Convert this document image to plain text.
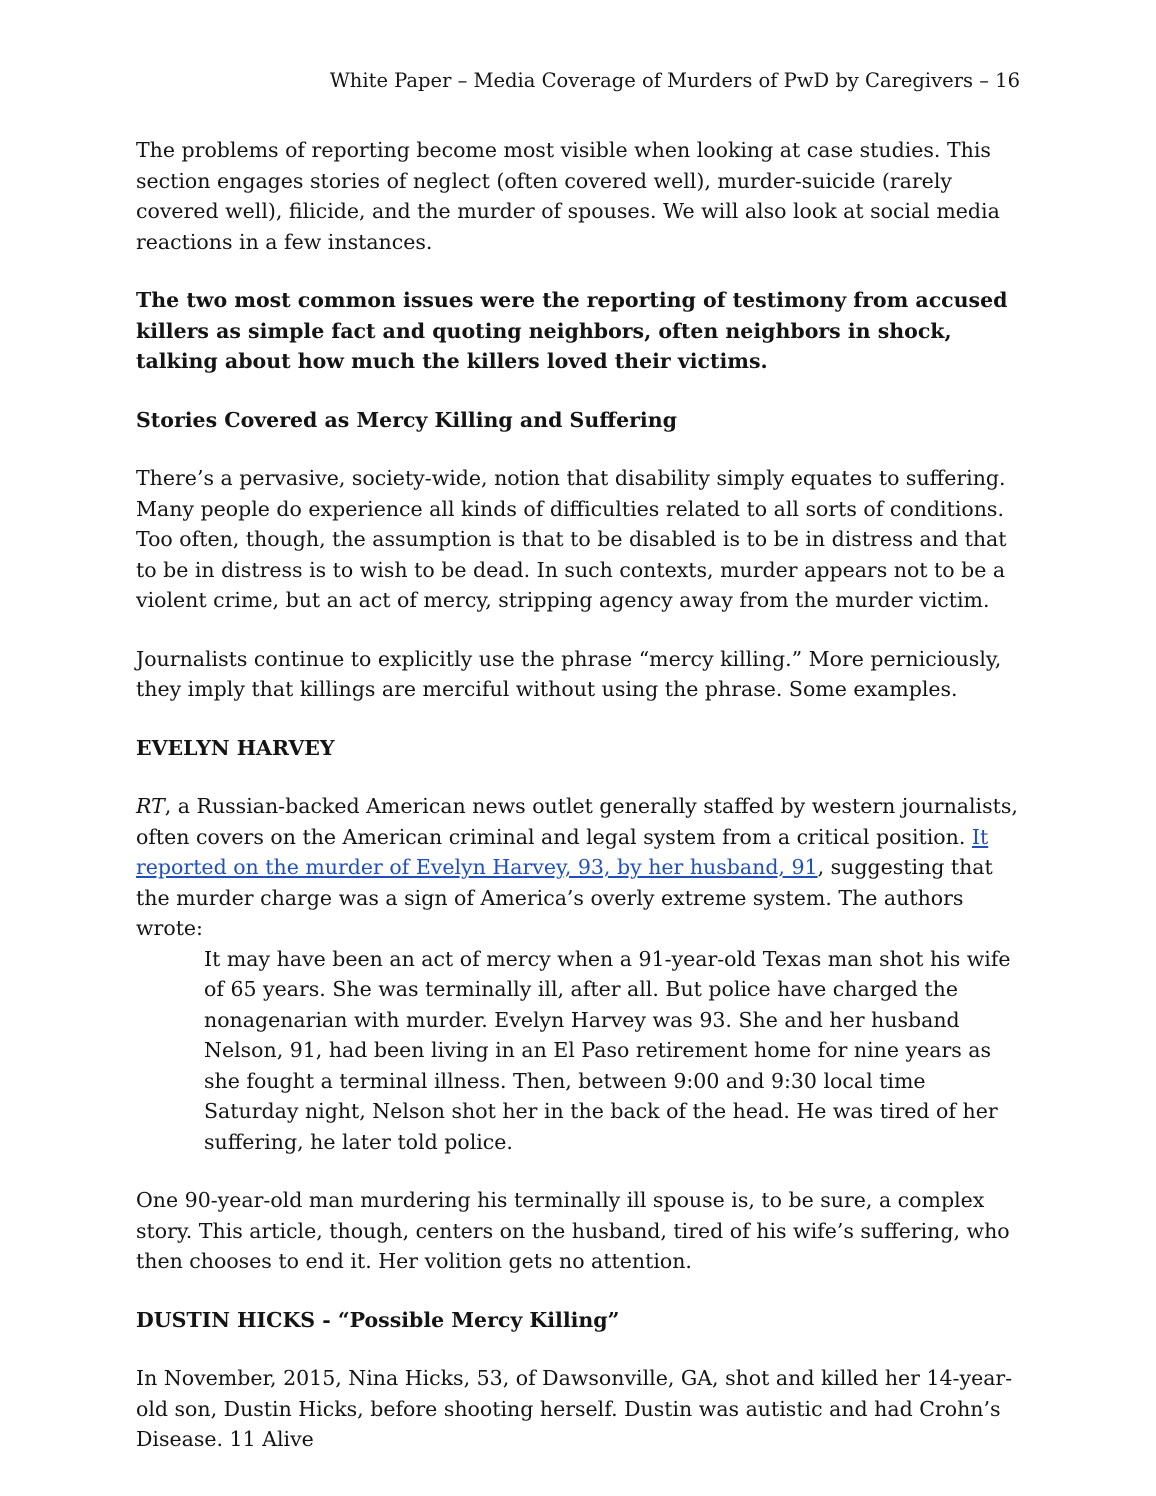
White Paper – Media Coverage of Murders of PwD by Caregivers – 16

The problems of reporting become most visible when looking at case studies. This section engages stories of neglect (often covered well), murder-suicide (rarely covered well), filicide, and the murder of spouses. We will also look at social media reactions in a few instances.

The two most common issues were the reporting of testimony from accused killers as simple fact and quoting neighbors, often neighbors in shock, talking about how much the killers loved their victims.

Stories Covered as Mercy Killing and Suffering

There’s a pervasive, society-wide, notion that disability simply equates to suffering. Many people do experience all kinds of difficulties related to all sorts of conditions. Too often, though, the assumption is that to be disabled is to be in distress and that to be in distress is to wish to be dead. In such contexts, murder appears not to be a violent crime, but an act of mercy, stripping agency away from the murder victim.

Journalists continue to explicitly use the phrase “mercy killing.” More perniciously, they imply that killings are merciful without using the phrase. Some examples.

EVELYN HARVEY

RT, a Russian-backed American news outlet generally staffed by western journalists, often covers on the American criminal and legal system from a critical position. It reported on the murder of Evelyn Harvey, 93, by her husband, 91, suggesting that the murder charge was a sign of America’s overly extreme system. The authors wrote:

It may have been an act of mercy when a 91-year-old Texas man shot his wife of 65 years. She was terminally ill, after all. But police have charged the nonagenarian with murder. Evelyn Harvey was 93. She and her husband Nelson, 91, had been living in an El Paso retirement home for nine years as she fought a terminal illness. Then, between 9:00 and 9:30 local time Saturday night, Nelson shot her in the back of the head. He was tired of her suffering, he later told police.

One 90-year-old man murdering his terminally ill spouse is, to be sure, a complex story. This article, though, centers on the husband, tired of his wife’s suffering, who then chooses to end it. Her volition gets no attention.

DUSTIN HICKS - “Possible Mercy Killing”

In November, 2015, Nina Hicks, 53, of Dawsonville, GA, shot and killed her 14-year-old son, Dustin Hicks, before shooting herself. Dustin was autistic and had Crohn’s Disease. 11 Alive
